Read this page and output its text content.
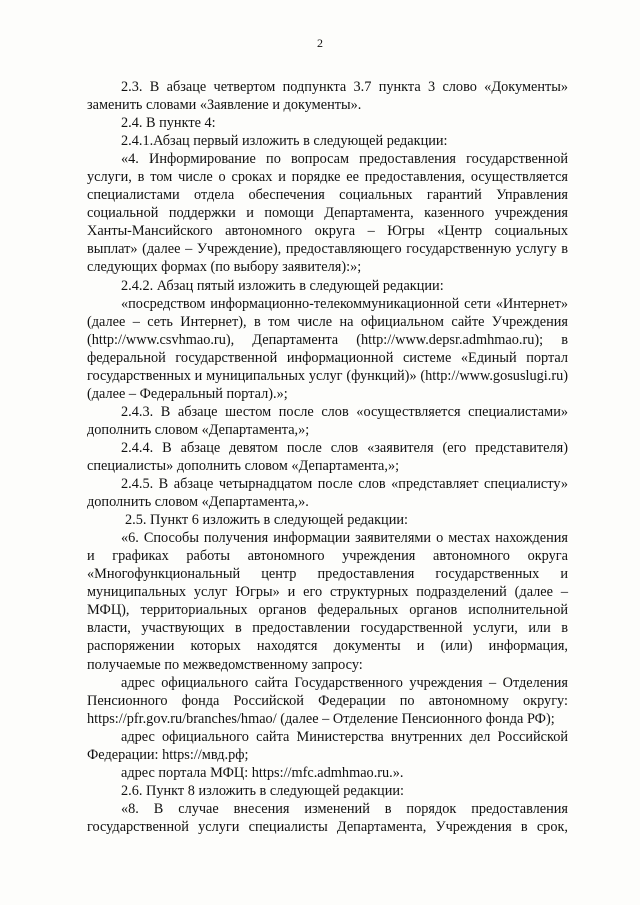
2

2.3. В абзаце четвертом подпункта 3.7 пункта 3 слово «Документы» заменить словами «Заявление и документы».

2.4. В пункте 4:

2.4.1.Абзац первый изложить в следующей редакции:

«4. Информирование по вопросам предоставления государственной услуги, в том числе о сроках и порядке ее предоставления, осуществляется специалистами отдела обеспечения социальных гарантий Управления социальной поддержки и помощи Департамента, казенного учреждения Ханты-Мансийского автономного округа – Югры «Центр социальных выплат» (далее – Учреждение), предоставляющего государственную услугу в следующих формах (по выбору заявителя):»;

2.4.2. Абзац пятый изложить в следующей редакции:

«посредством информационно-телекоммуникационной сети «Интернет» (далее – сеть Интернет), в том числе на официальном сайте Учреждения (http://www.csvhmao.ru), Департамента (http://www.depsr.admhmao.ru); в федеральной государственной информационной системе «Единый портал государственных и муниципальных услуг (функций)» (http://www.gosuslugi.ru) (далее – Федеральный портал).»;

2.4.3. В абзаце шестом после слов «осуществляется специалистами» дополнить словом «Департамента,»;

2.4.4. В абзаце девятом после слов «заявителя (его представителя) специалисты» дополнить словом «Департамента,»;

2.4.5. В абзаце четырнадцатом после слов «представляет специалисту» дополнить словом «Департамента,».

2.5. Пункт 6 изложить в следующей редакции:

«6. Способы получения информации заявителями о местах нахождения и графиках работы автономного учреждения автономного округа «Многофункциональный центр предоставления государственных и муниципальных услуг Югры» и его структурных подразделений (далее – МФЦ), территориальных органов федеральных органов исполнительной власти, участвующих в предоставлении государственной услуги, или в распоряжении которых находятся документы и (или) информация, получаемые по межведомственному запросу:

адрес официального сайта Государственного учреждения – Отделения Пенсионного фонда Российской Федерации по автономному округу: https://pfr.gov.ru/branches/hmao/ (далее – Отделение Пенсионного фонда РФ);

адрес официального сайта Министерства внутренних дел Российской Федерации: https://мвд.рф;

адрес портала МФЦ: https://mfc.admhmao.ru.».

2.6. Пункт 8 изложить в следующей редакции:

«8. В случае внесения изменений в порядок предоставления государственной услуги специалисты Департамента, Учреждения в срок,
